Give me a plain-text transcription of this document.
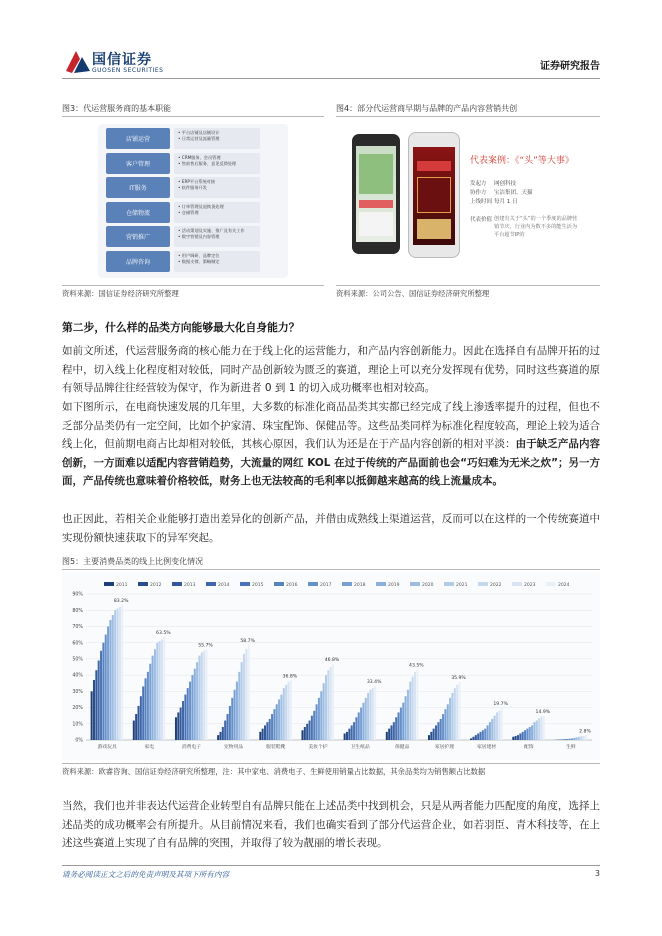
国信证券
GUOSEN SECURITIES	证券研究报告
图3：代运营服务商的基本职能
店铺运营
• 平台店铺及店铺设计
• 日常运营及流量管理
客户管理
• CRM服务、会员管理
• 售前售后服务、意见反馈处理
IT服务
• ERP平台系统对接
• 软件服务开发
仓储物流
• 订单管理及退换货处理
• 仓储管理
营销推广
• 活动策划及实施、推广及有关工作
• 数字营销及内容管理
品牌咨询
• 用户调研、品牌定位
• 数据支撑、策略制定
资料来源：国信证券经济研究所整理
图4：部分代运营商早期与品牌的产品内容营销共创
代表案例：《“头”等大事》
发起方 网创科技
协作方 宝洁集团、天猫
上线时间 每月 1 日
代表价值 创建有关于“头”的一个季度的品牌营销节庆，行业内为数不多的能生活为平台超节IP的
资料来源：公司公告、国信证券经济研究所整理
第二步，什么样的品类方向能够最大化自身能力？

如前文所述，代运营服务商的核心能力在于线上化的运营能力，和产品内容创新能力。因此在选择自有品牌开拓的过程中，切入线上化程度相对较低，同时产品创新较为匮乏的赛道，理论上可以充分发挥现有优势，同时这些赛道的原有领导品牌往往经营较为保守，作为新进者 0 到 1 的切入成功概率也相对较高。

如下图所示，在电商快速发展的几年里，大多数的标准化商品品类其实都已经完成了线上渗透率提升的过程，但也不乏部分品类仍有一定空间，比如个护家清、珠宝配饰、保健品等。这些品类同样为标准化程度较高，理论上较为适合线上化，但前期电商占比却相对较低，其核心原因，我们认为还是在于产品内容创新的相对平淡：由于缺乏产品内容创新，一方面难以适配内容营销趋势，大流量的网红 KOL 在过于传统的产品面前也会“巧妇难为无米之炊”；另一方面，产品传统也意味着价格较低，财务上也无法较高的毛利率以抵御越来越高的线上流量成本。

也正因此，若相关企业能够打造出差异化的创新产品，并借由成熟线上渠道运营，反而可以在这样的一个传统赛道中实现份额快速获取下的异军突起。

图5：主要消费品类的线上比例变化情况
2011	2012	2013	2014	2015	2016	2017	2018	2019	2020	2021	2022	2023	2024
0%
10%
20%
30%
40%
50%
60%
70%
80%
90%
83.2%
游戏玩具
63.5%
家电
55.7%
消费电子
58.7%
宠物用品
36.8%
服装鞋靴
46.8%
美妆个护
33.4%
卫生纸品
43.5%
保健品
35.9%
家居护理
19.7%
家居建材
14.9%
配饰
2.8%
生鲜
资料来源：欧睿咨询、国信证券经济研究所整理，注：其中家电、消费电子、生鲜使用销量占比数据，其余品类均为销售额占比数据

当然，我们也并非表达代运营企业转型自有品牌只能在上述品类中找到机会，只是从两者能力匹配度的角度，选择上述品类的成功概率会有所提升。从目前情况来看，我们也确实看到了部分代运营企业，如若羽臣、青木科技等，在上述这些赛道上实现了自有品牌的突围，并取得了较为靓丽的增长表现。

请务必阅读正文之后的免责声明及其项下所有内容	3
